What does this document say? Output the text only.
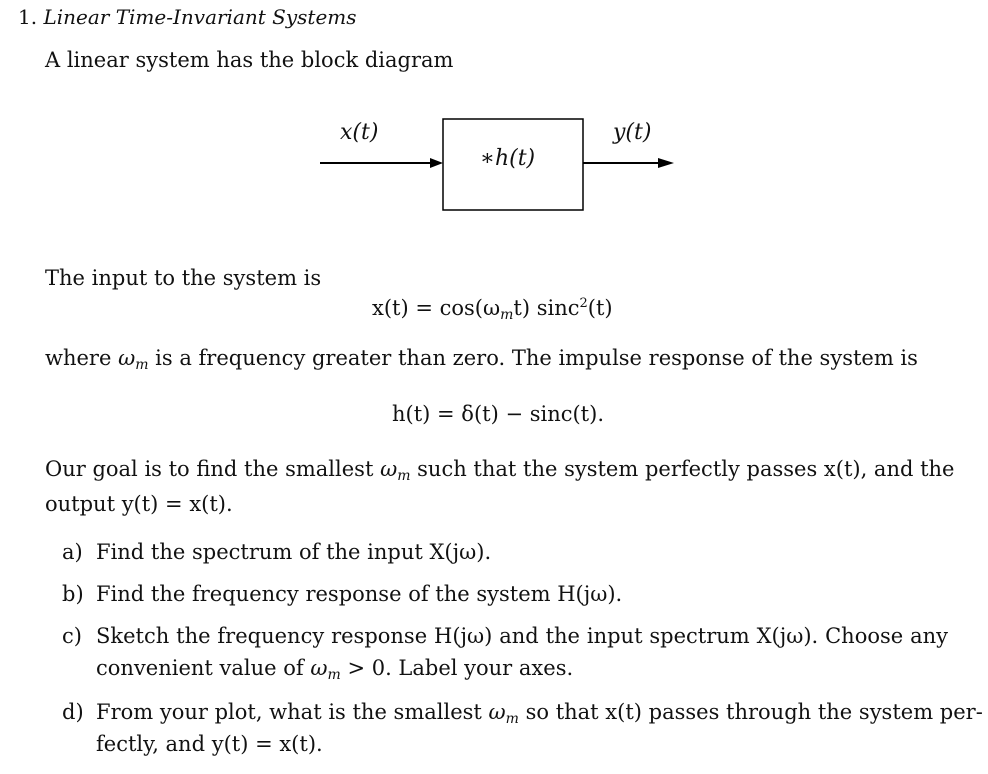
1. Linear Time-Invariant Systems
A linear system has the block diagram
x(t)
∗h(t)
y(t)
The input to the system is
$x(t) = \cos(\omega_mt)$ sinc$^2$(t)
where $\omega_m$ is a frequency greater than zero. The impulse response of the system is
h(t) = δ(t) − sinc(t).
Our goal is to find the smallest $\omega_m$ such that the system perfectly passes x(t), and the
output y(t) = x(t).
a) Find the spectrum of the input X(jω).
b) Find the frequency response of the system H(jω).
c) Sketch the frequency response H(jω) and the input spectrum X(jω). Choose any
convenient value of $\omega_m > 0$. Label your axes.
d) From your plot, what is the smallest $\omega_m$ so that x(t) passes through the system per-
fectly, and y(t) = x(t).
